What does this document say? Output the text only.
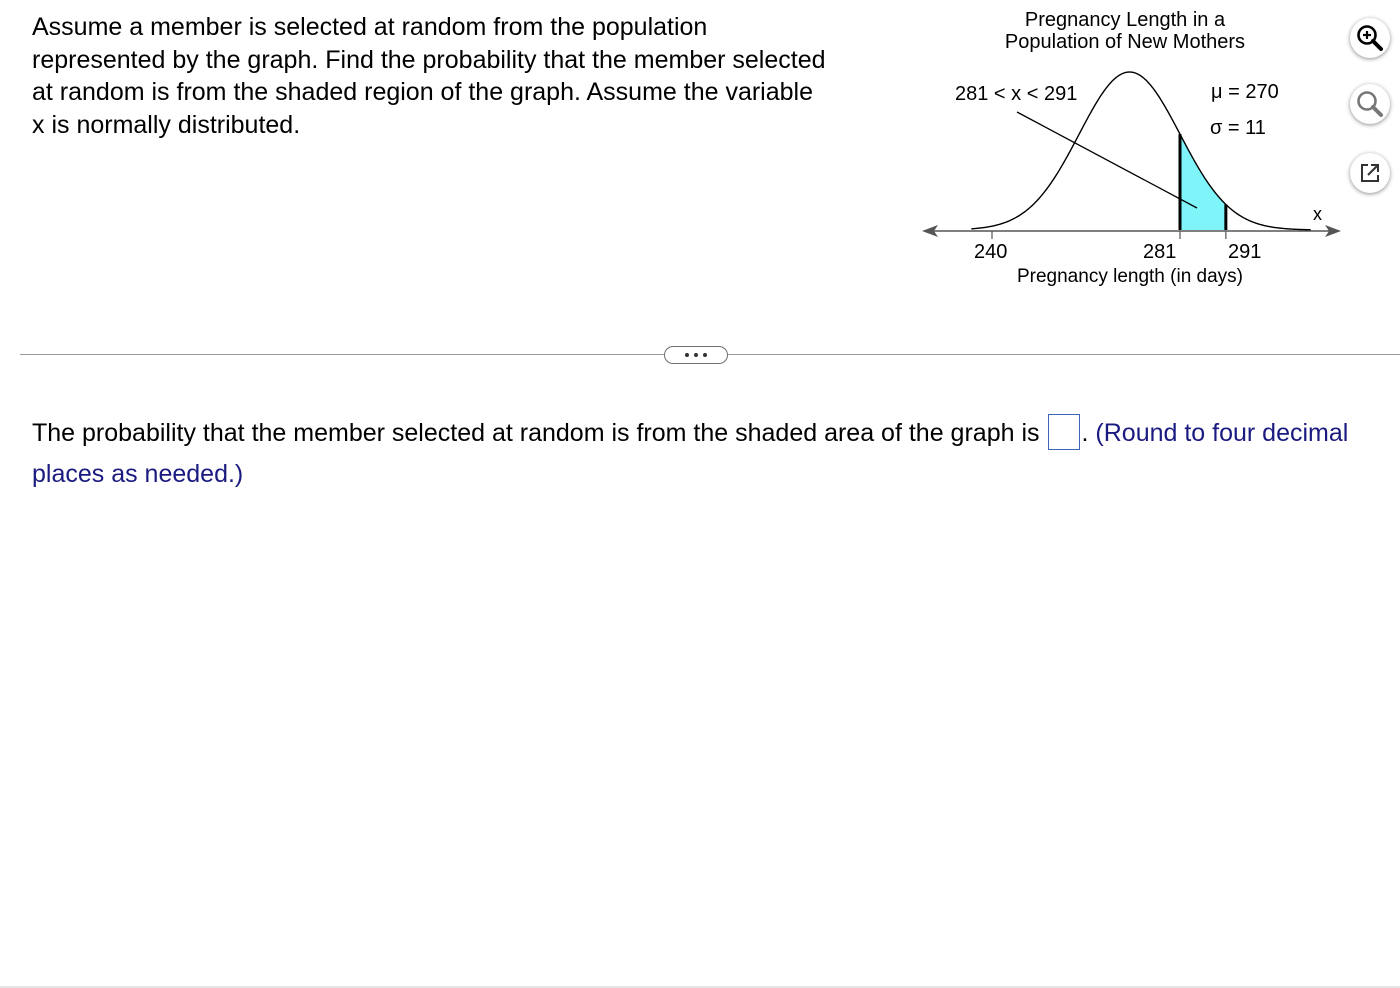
Assume a member is selected at random from the population represented by the graph. Find the probability that the member selected at random is from the shaded region of the graph. Assume the variable x is normally distributed.
Pregnancy Length in a
Population of New Mothers
281 < x < 291	μ = 270
σ = 11
x
240	281	291
Pregnancy length (in days)
The probability that the member selected at random is from the shaded area of the graph is . (Round to four decimal
places as needed.)
